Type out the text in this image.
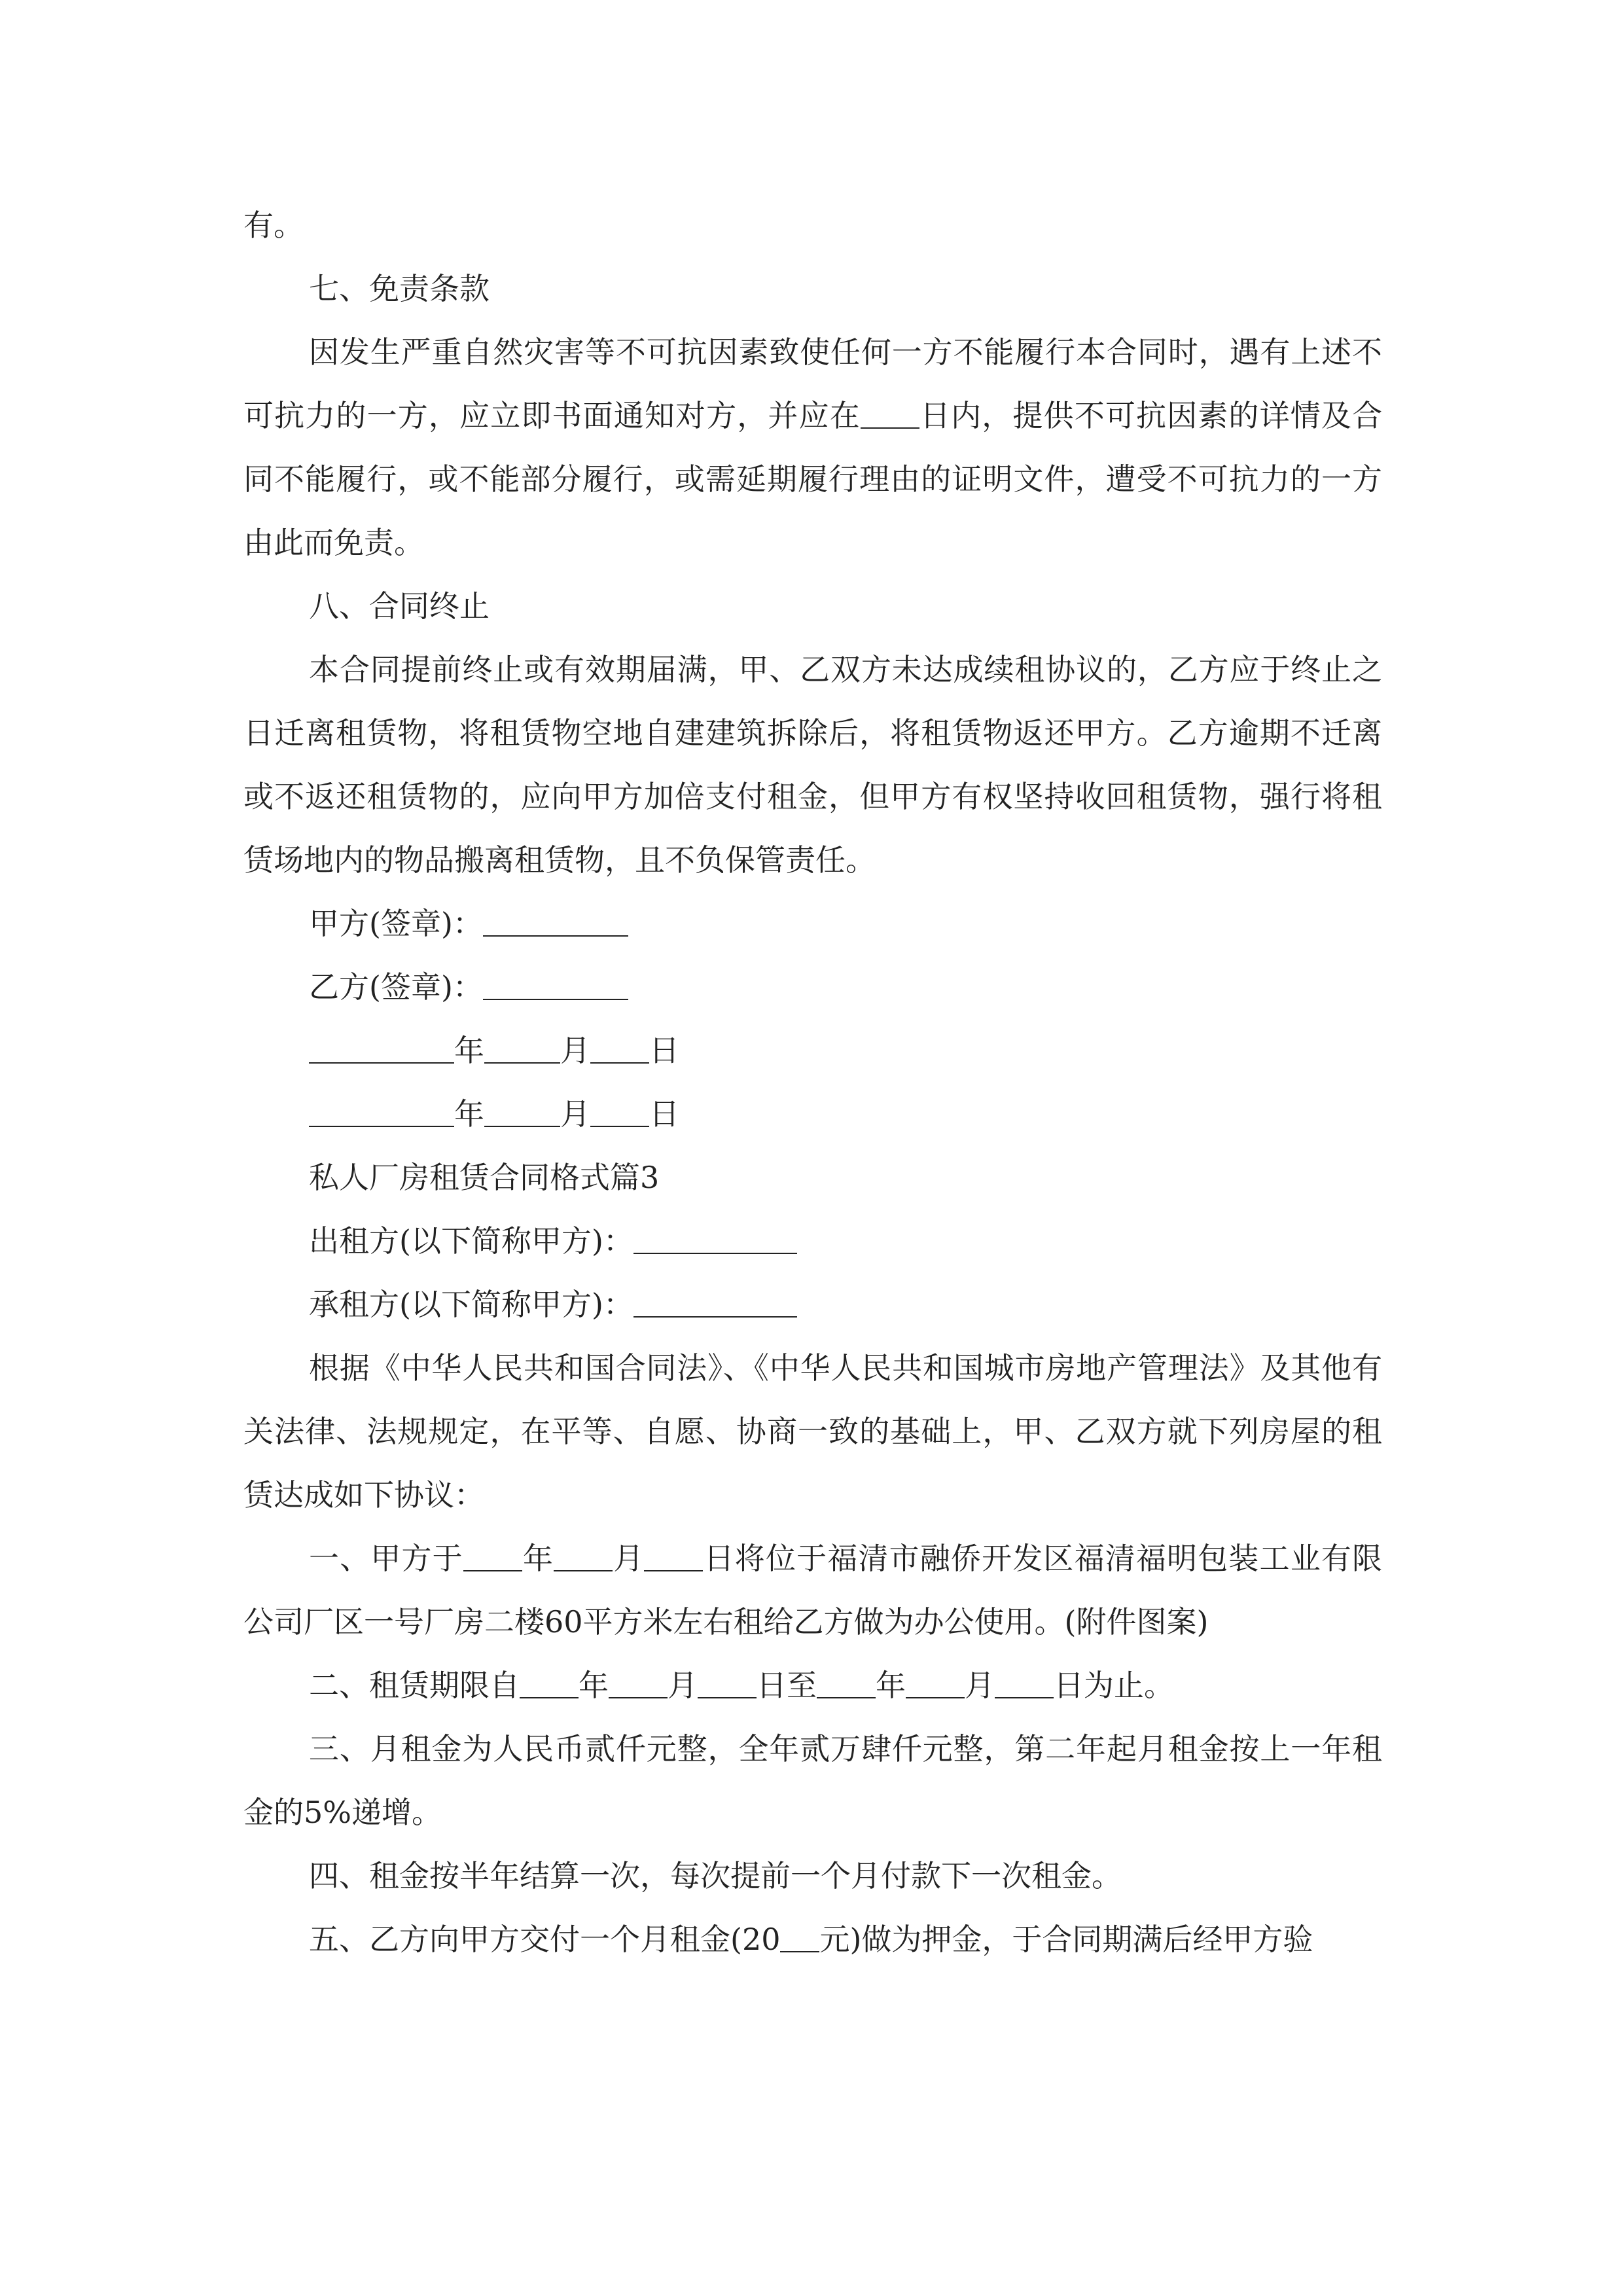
有。

七、免责条款

因发生严重自然灾害等不可抗因素致使任何一方不能履行本合同时，遇有上述不可抗力的一方，应立即书面通知对方，并应在 日内，提供不可抗因素的详情及合同不能履行，或不能部分履行，或需延期履行理由的证明文件，遭受不可抗力的一方由此而免责。

八、合同终止

本合同提前终止或有效期届满，甲、乙双方未达成续租协议的，乙方应于终止之日迁离租赁物，将租赁物空地自建建筑拆除后，将租赁物返还甲方。乙方逾期不迁离或不返还租赁物的，应向甲方加倍支付租金，但甲方有权坚持收回租赁物，强行将租赁场地内的物品搬离租赁物，且不负保管责任。

甲方(签章)：

乙方(签章)：

年	月 日

年	月 日

私人厂房租赁合同格式篇3

出租方(以下简称甲方)：

承租方(以下简称甲方)：

根据《中华人民共和国合同法》、《中华人民共和国城市房地产管理法》及其他有关法律、法规规定，在平等、自愿、协商一致的基础上，甲、乙双方就下列房屋的租赁达成如下协议：

一、甲方于 年 月 日将位于福清市融侨开发区福清福明包装工业有限公司厂区一号厂房二楼60平方米左右租给乙方做为办公使用。(附件图案)

二、租赁期限自 年 月 日至 年 月 日为止。

三、月租金为人民币贰仟元整，全年贰万肆仟元整，第二年起月租金按上一年租金的5%递增。

四、租金按半年结算一次，每次提前一个月付款下一次租金。

五、乙方向甲方交付一个月租金(20 元)做为押金，于合同期满后经甲方验
